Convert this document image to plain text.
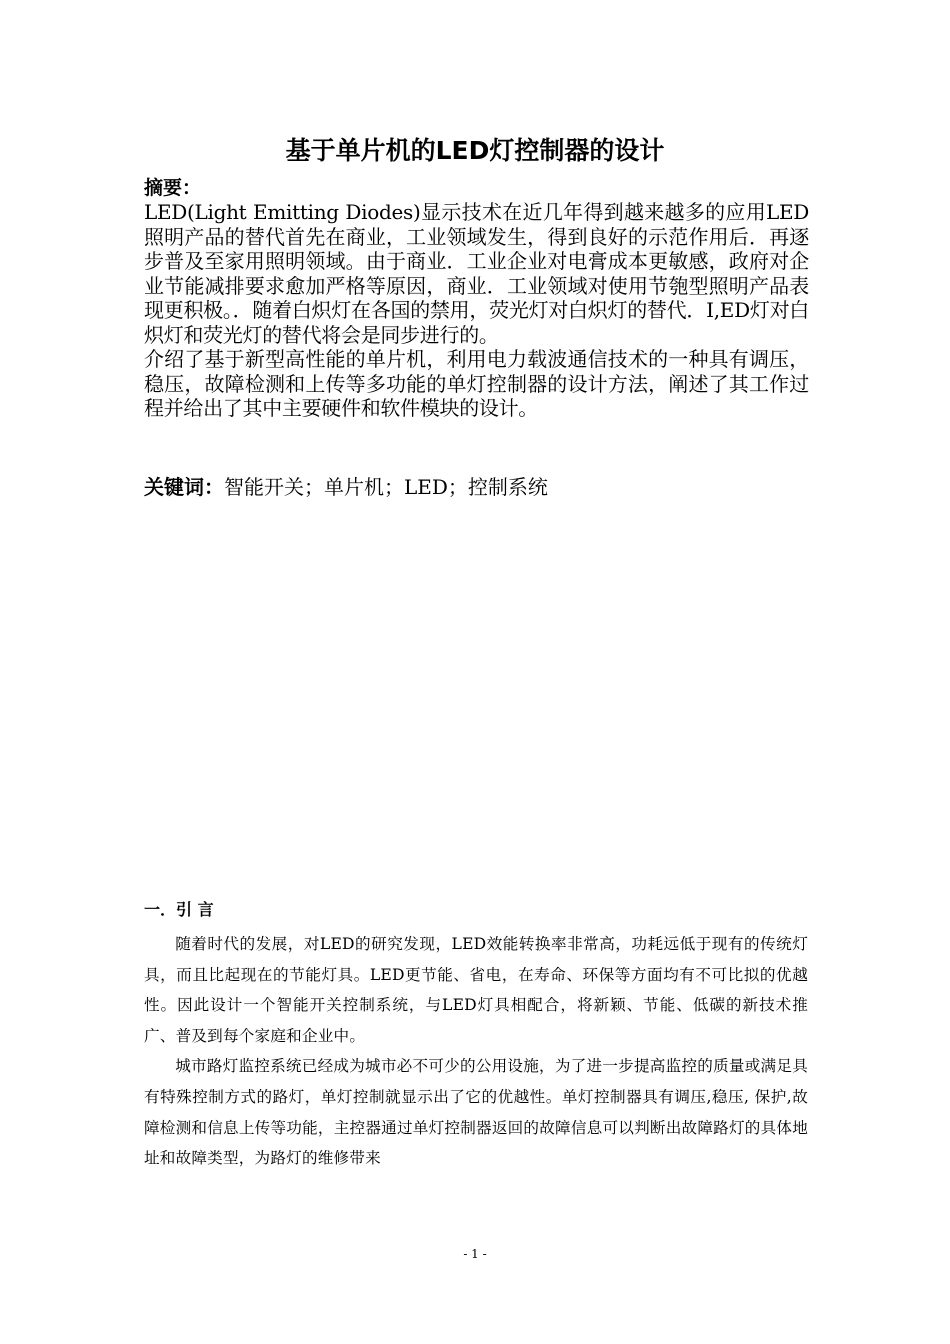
基于单片机的LED灯控制器的设计
摘要：

LED(Light Emitting Diodes)显示技术在近几年得到越来越多的应用LED照明产品的替代首先在商业，工业领域发生，得到良好的示范作用后．再逐步普及至家用照明领域。由于商业．工业企业对电膏成本更敏感，政府对企业节能减排要求愈加严格等原因，商业．工业领域对使用节匏型照明产品表现更积极。．随着白炽灯在各国的禁用，荧光灯对白炽灯的替代．I,ED灯对白炽灯和荧光灯的替代将会是同步进行的。

介绍了基于新型高性能的单片机，利用电力载波通信技术的一种具有调压，稳压，故障检测和上传等多功能的单灯控制器的设计方法，阐述了其工作过程并给出了其中主要硬件和软件模块的设计。

关键词：智能开关；单片机；LED；控制系统
一．引 言

随着时代的发展，对LED的研究发现，LED效能转换率非常高，功耗远低于现有的传统灯具，而且比起现在的节能灯具。LED更节能、省电，在寿命、环保等方面均有不可比拟的优越性。因此设计一个智能开关控制系统，与LED灯具相配合，将新颖、节能、低碳的新技术推广、普及到每个家庭和企业中。

城市路灯监控系统已经成为城市必不可少的公用设施，为了进一步提高监控的质量或满足具有特殊控制方式的路灯，单灯控制就显示出了它的优越性。单灯控制器具有调压,稳压, 保护,故障检测和信息上传等功能，主控器通过单灯控制器返回的故障信息可以判断出故障路灯的具体地址和故障类型，为路灯的维修带来

- 1 -
